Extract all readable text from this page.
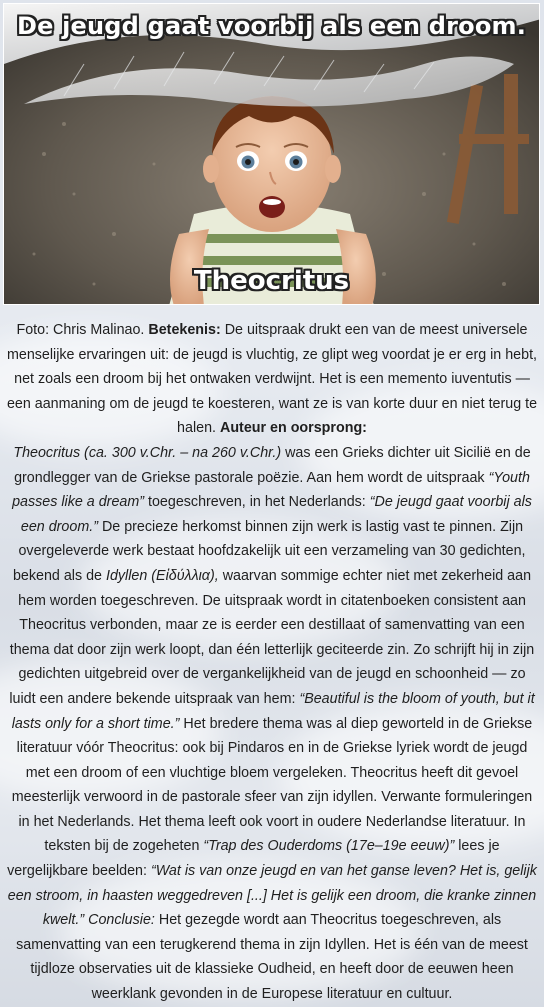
De jeugd gaat voorbij als een droom.
Theocritus
Foto: Chris Malinao. Betekenis: De uitspraak drukt een van de meest universele menselijke ervaringen uit: de jeugd is vluchtig, ze glipt weg voordat je er erg in hebt, net zoals een droom bij het ontwaken verdwijnt. Het is een memento iuventutis — een aanmaning om de jeugd te koesteren, want ze is van korte duur en niet terug te halen. Auteur en oorsprong:
Theocritus (ca. 300 v.Chr. – na 260 v.Chr.) was een Grieks dichter uit Sicilië en de grondlegger van de Griekse pastorale poëzie. Aan hem wordt de uitspraak “Youth passes like a dream” toegeschreven, in het Nederlands: “De jeugd gaat voorbij als een droom.” De precieze herkomst binnen zijn werk is lastig vast te pinnen. Zijn overgeleverde werk bestaat hoofdzakelijk uit een verzameling van 30 gedichten, bekend als de Idyllen (Εἰδύλλια), waarvan sommige echter niet met zekerheid aan hem worden toegeschreven. De uitspraak wordt in citatenboeken consistent aan Theocritus verbonden, maar ze is eerder een destillaat of samenvatting van een thema dat door zijn werk loopt, dan één letterlijk geciteerde zin. Zo schrijft hij in zijn gedichten uitgebreid over de vergankelijkheid van de jeugd en schoonheid — zo luidt een andere bekende uitspraak van hem: “Beautiful is the bloom of youth, but it lasts only for a short time.” Het bredere thema was al diep geworteld in de Griekse literatuur vóór Theocritus: ook bij Pindaros en in de Griekse lyriek wordt de jeugd met een droom of een vluchtige bloem vergeleken. Theocritus heeft dit gevoel meesterlijk verwoord in de pastorale sfeer van zijn idyllen. Verwante formuleringen in het Nederlands. Het thema leeft ook voort in oudere Nederlandse literatuur. In teksten bij de zogeheten “Trap des Ouderdoms (17e–19e eeuw)” lees je vergelijkbare beelden: “Wat is van onze jeugd en van het ganse leven? Het is, gelijk een stroom, in haasten weggedreven [...] Het is gelijk een droom, die kranke zinnen kwelt.” Conclusie: Het gezegde wordt aan Theocritus toegeschreven, als samenvatting van een terugkerend thema in zijn Idyllen. Het is één van de meest tijdloze observaties uit de klassieke Oudheid, en heeft door de eeuwen heen weerklank gevonden in de Europese literatuur en cultuur.
